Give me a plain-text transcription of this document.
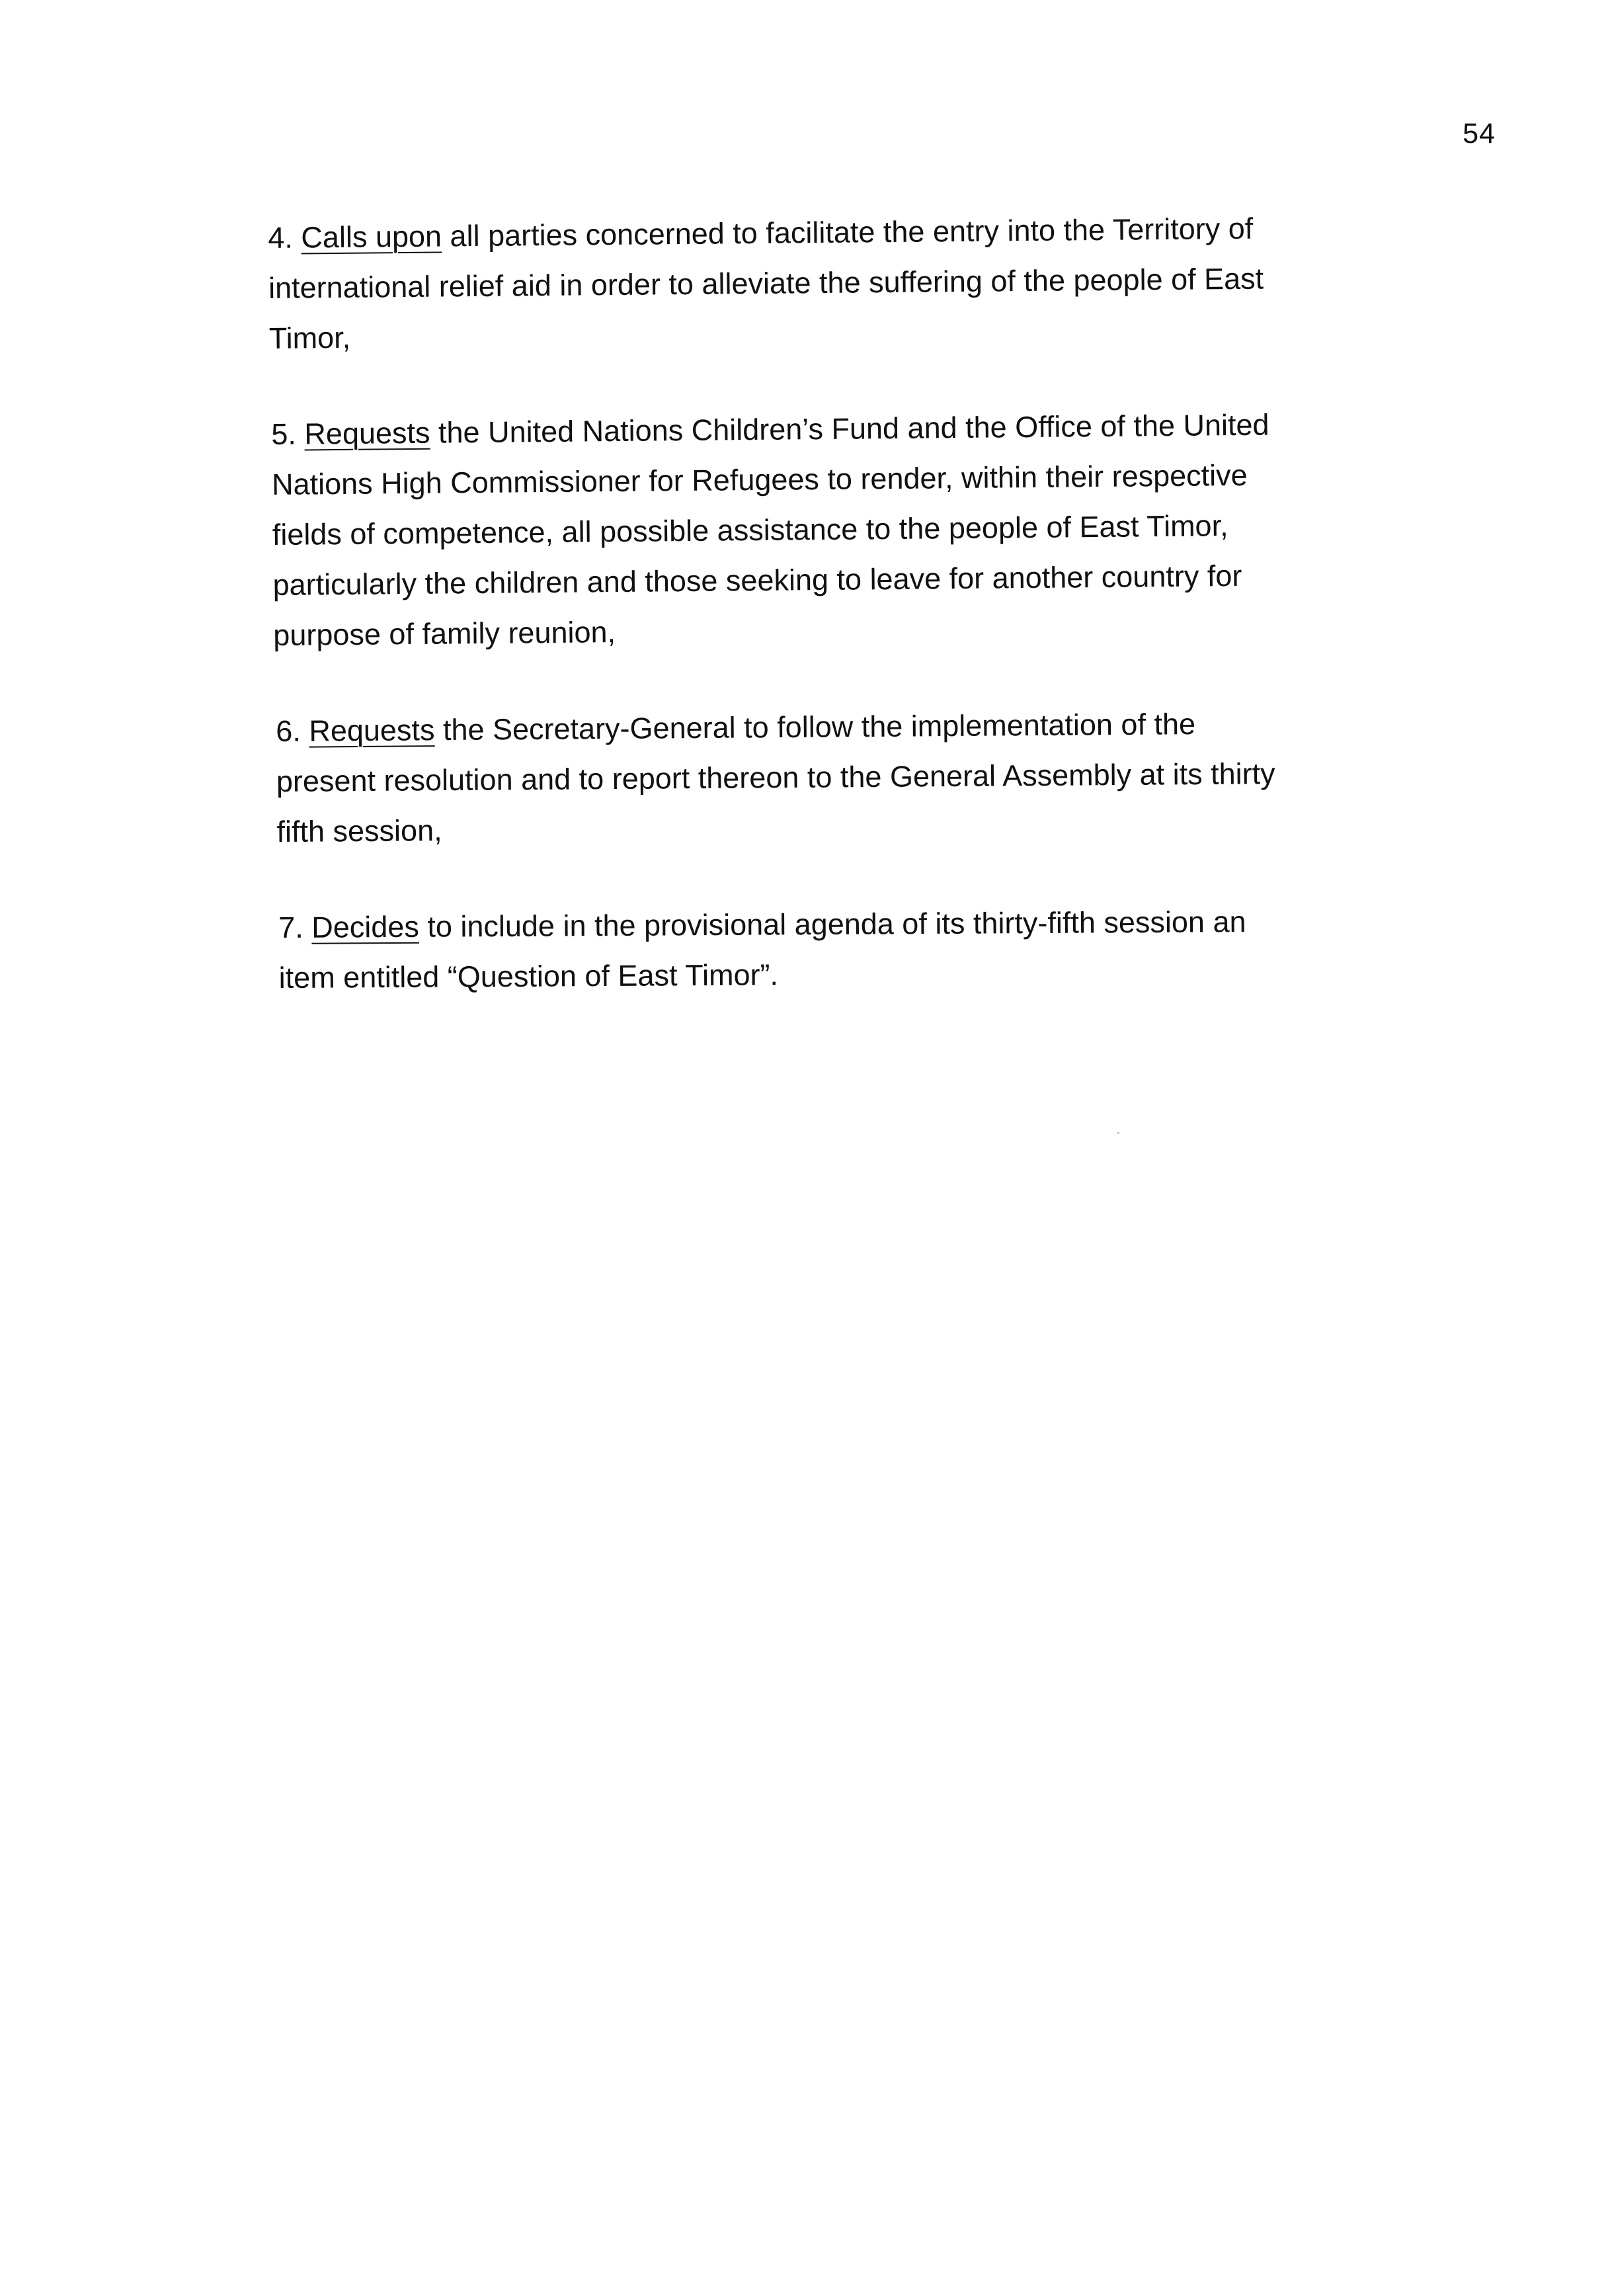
54

4. Calls upon all parties concerned to facilitate the entry into the Territory of
international relief aid in order to alleviate the suffering of the people of East
Timor,

5. Requests the United Nations Children’s Fund and the Office of the United
Nations High Commissioner for Refugees to render, within their respective
fields of competence, all possible assistance to the people of East Timor,
particularly the children and those seeking to leave for another country for
purpose of family reunion,

6. Requests the Secretary-General to follow the implementation of the
present resolution and to report thereon to the General Assembly at its thirty
fifth session,

7. Decides to include in the provisional agenda of its thirty-fifth session an
item entitled “Question of East Timor”.
